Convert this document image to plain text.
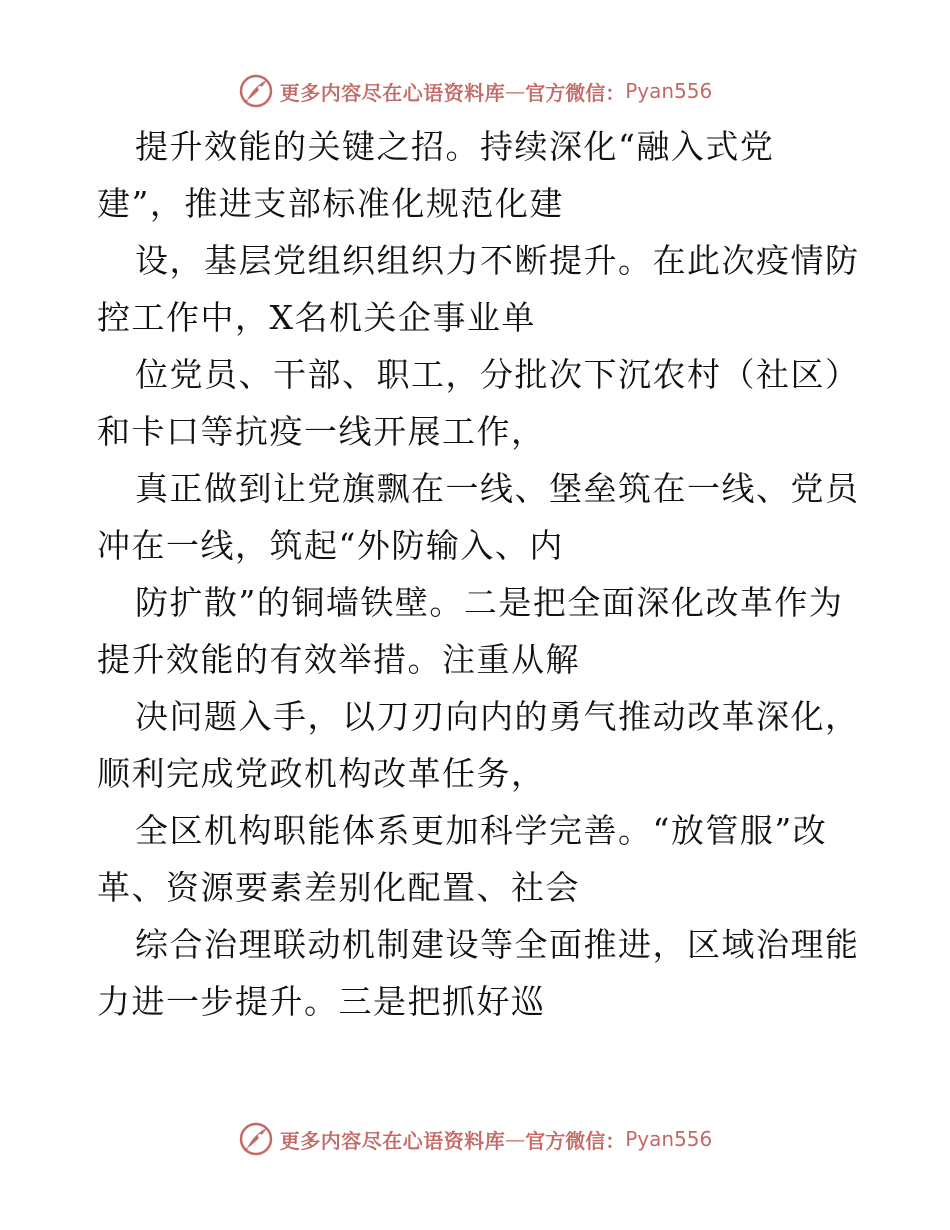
更多内容尽在心语资料库 — 官方微信： Pyan556
提升效能的关键之招。持续深化“融入式党
建”，推进支部标准化规范化建
设，基层党组织组织力不断提升。在此次疫情防
控工作中，X名机关企事业单
位党员、干部、职工，分批次下沉农村（社区）
和卡口等抗疫一线开展工作，
真正做到让党旗飘在一线、堡垒筑在一线、党员
冲在一线，筑起“外防输入、内
防扩散”的铜墙铁壁。二是把全面深化改革作为
提升效能的有效举措。注重从解
决问题入手，以刀刃向内的勇气推动改革深化，
顺利完成党政机构改革任务，
全区机构职能体系更加科学完善。“放管服”改
革、资源要素差别化配置、社会
综合治理联动机制建设等全面推进，区域治理能
力进一步提升。三是把抓好巡
更多内容尽在心语资料库 — 官方微信： Pyan556
